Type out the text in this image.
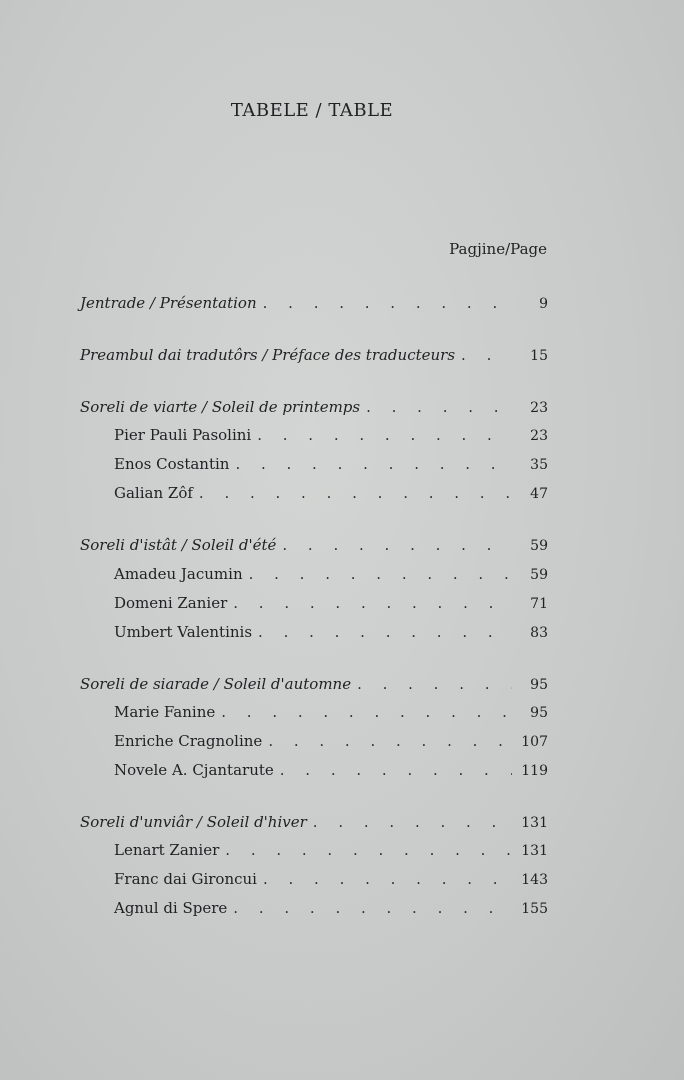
TABELE / TABLE
Pagjine/Page
Jentrade / Présentation . . .	9
Preambul dai tradutôrs / Préface des traducteurs . . .	15
Soreli de viarte / Soleil de printemps . . .	23
Pier Pauli Pasolini . . .	23
Enos Costantin . . .	35
Galian Zôf . . .	47
Soreli d'istât / Soleil d'été . . .	59
Amadeu Jacumin . . .	59
Domeni Zanier . . .	71
Umbert Valentinis . . .	83
Soreli de siarade / Soleil d'automne . . .	95
Marie Fanine . . .	95
Enriche Cragnoline . . .	107
Novele A. Cjantarute . . .	119
Soreli d'unviâr / Soleil d'hiver . . .	131
Lenart Zanier . . .	131
Franc dai Gironcui . . .	143
Agnul di Spere . . .	155
